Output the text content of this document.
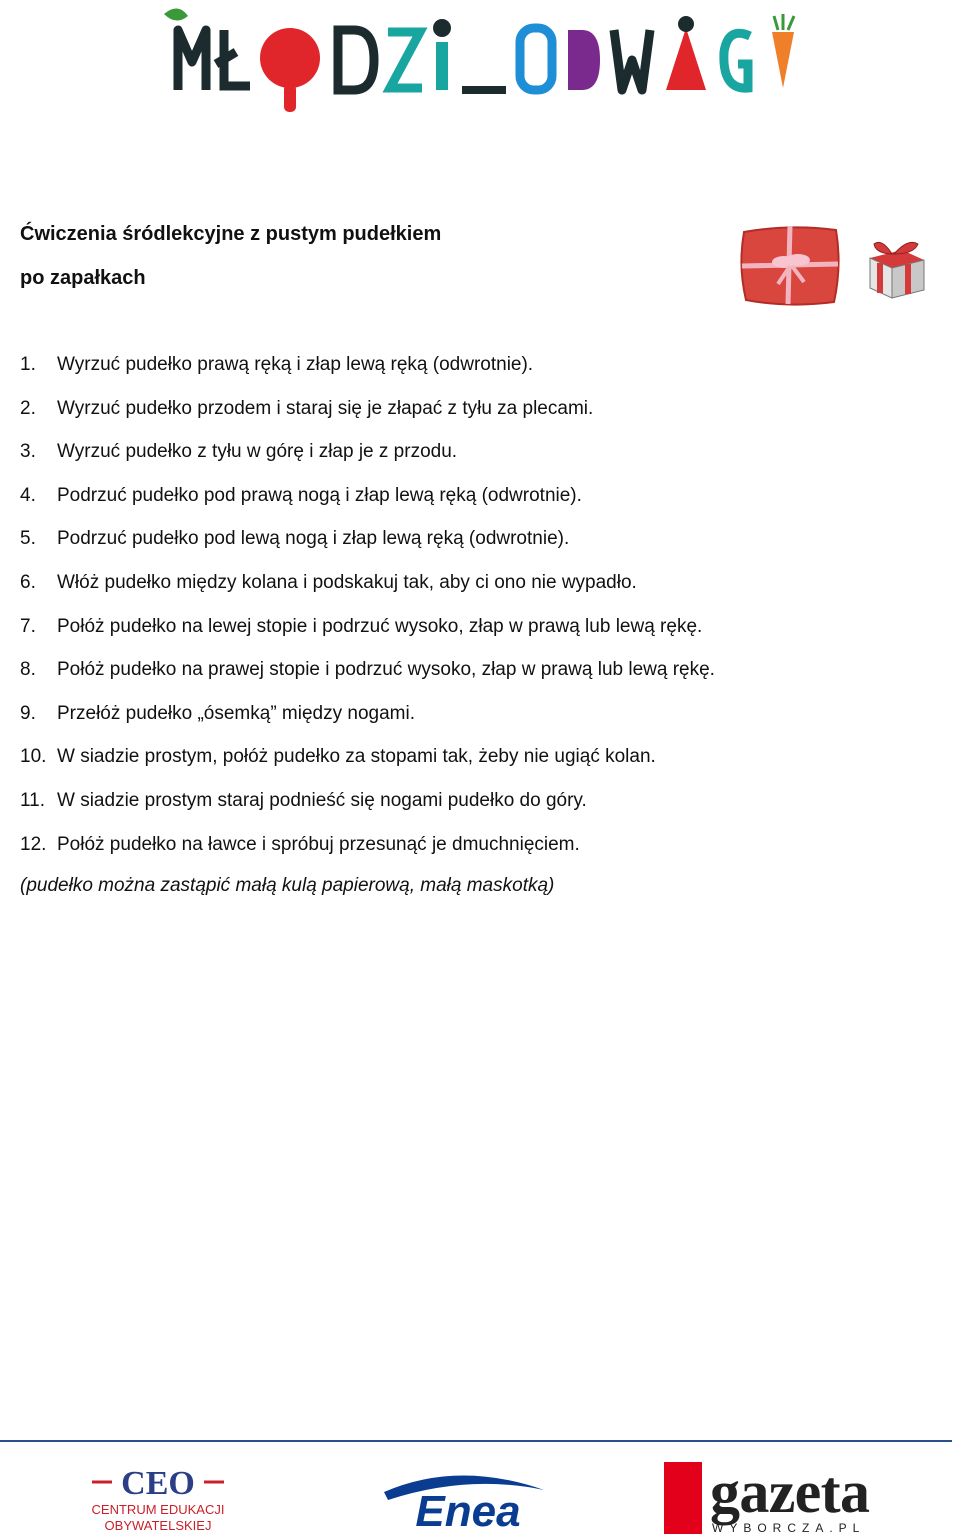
Ćwiczenia śródlekcyjne z pustym pudełkiem
po zapałkach
1.	Wyrzuć pudełko prawą ręką i złap lewą ręką (odwrotnie).
2.	Wyrzuć pudełko przodem i staraj się je złapać z tyłu za plecami.
3.	Wyrzuć pudełko z tyłu w górę i złap je z przodu.
4.	Podrzuć pudełko pod prawą nogą i złap lewą ręką (odwrotnie).
5.	Podrzuć pudełko pod lewą nogą i złap lewą ręką (odwrotnie).
6.	Włóż pudełko między kolana i podskakuj tak, aby ci ono nie wypadło.
7.	Połóż pudełko na lewej stopie i podrzuć wysoko, złap w prawą lub lewą rękę.
8.	Połóż pudełko na prawej stopie i podrzuć wysoko, złap w prawą lub lewą rękę.
9.	Przełóż pudełko „ósemką” między nogami.
10. W siadzie prostym, połóż pudełko za stopami tak, żeby nie ugiąć kolan.
11. W siadzie prostym staraj podnieść się nogami pudełko do góry.
12. Połóż pudełko na ławce i spróbuj przesunąć je dmuchnięciem.
(pudełko można zastąpić małą kulą papierową, małą maskotką)
CEO
CENTRUM EDUKACJI
OBYWATELSKIEJ	Enea	gazeta
WYBORCZA.PL
